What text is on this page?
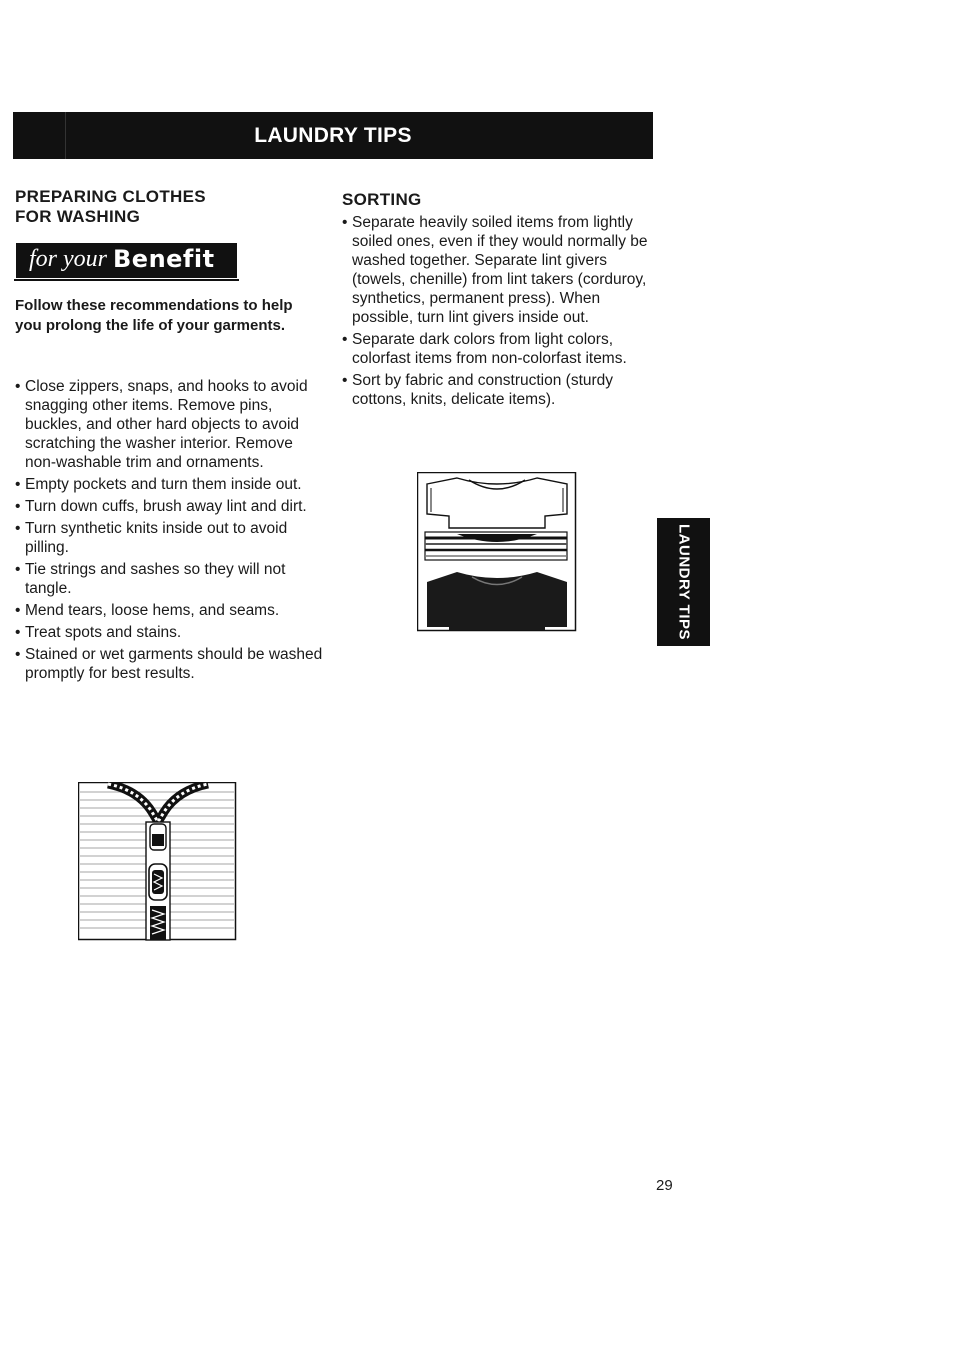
LAUNDRY TIPS
PREPARING CLOTHES
FOR WASHING
for your Benefit
Follow these recommendations to help you prolong the life of your garments.
• Close zippers, snaps, and hooks to avoid snagging other items. Remove pins, buckles, and other hard objects to avoid scratching the washer interior. Remove non-washable trim and ornaments.
• Empty pockets and turn them inside out.
• Turn down cuffs, brush away lint and dirt.
• Turn synthetic knits inside out to avoid pilling.
• Tie strings and sashes so they will not tangle.
• Mend tears, loose hems, and seams.
• Treat spots and stains.
• Stained or wet garments should be washed promptly for best results.
SORTING
• Separate heavily soiled items from lightly soiled ones, even if they would normally be washed together. Separate lint givers (towels, chenille) from lint takers (corduroy, synthetics, permanent press). When possible, turn lint givers inside out.
• Separate dark colors from light colors, colorfast items from non-colorfast items.
• Sort by fabric and construction (sturdy cottons, knits, delicate items).
LAUNDRY TIPS
29
